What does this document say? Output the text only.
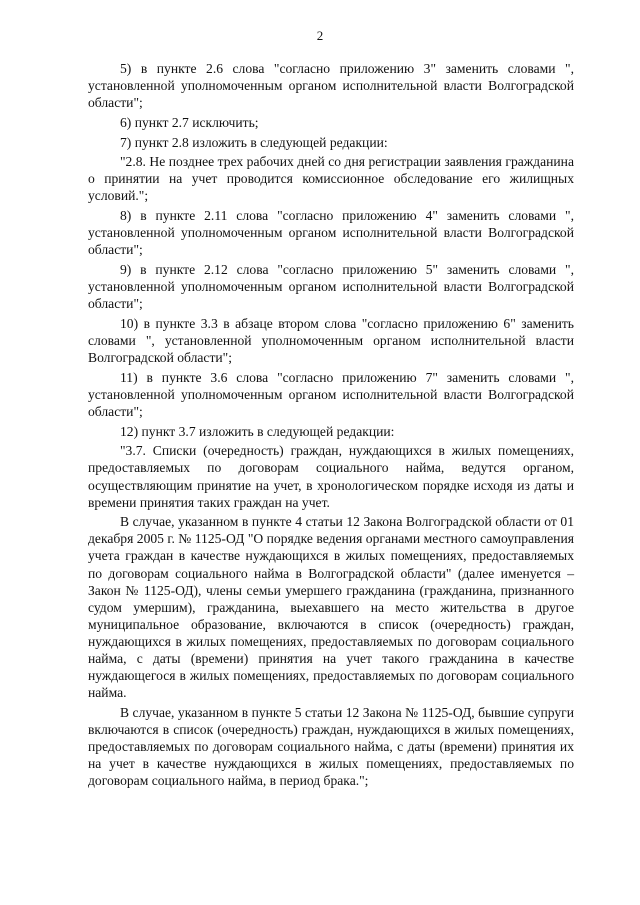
2

5) в пункте 2.6 слова "согласно приложению 3" заменить словами ", установленной уполномоченным органом исполнительной власти Волгоградской области";

6) пункт 2.7 исключить;

7) пункт 2.8 изложить в следующей редакции:

"2.8. Не позднее трех рабочих дней со дня регистрации заявления гражданина о принятии на учет проводится комиссионное обследование его жилищных условий.";

8) в пункте 2.11 слова "согласно приложению 4" заменить словами ", установленной уполномоченным органом исполнительной власти Волгоградской области";

9) в пункте 2.12 слова "согласно приложению 5" заменить словами ", установленной уполномоченным органом исполнительной власти Волгоградской области";

10) в пункте 3.3 в абзаце втором слова "согласно приложению 6" заменить словами ", установленной уполномоченным органом исполнительной власти Волгоградской области";

11) в пункте 3.6 слова "согласно приложению 7" заменить словами ", установленной уполномоченным органом исполнительной власти Волгоградской области";

12) пункт 3.7 изложить в следующей редакции:

"3.7. Списки (очередность) граждан, нуждающихся в жилых помещениях, предоставляемых по договорам социального найма, ведутся органом, осуществляющим принятие на учет, в хронологическом порядке исходя из даты и времени принятия таких граждан на учет.

В случае, указанном в пункте 4 статьи 12 Закона Волгоградской области от 01 декабря 2005 г. № 1125-ОД "О порядке ведения органами местного самоуправления учета граждан в качестве нуждающихся в жилых помещениях, предоставляемых по договорам социального найма в Волгоградской области" (далее именуется – Закон № 1125-ОД), члены семьи умершего гражданина (гражданина, признанного судом умершим), гражданина, выехавшего на место жительства в другое муниципальное образование, включаются в список (очередность) граждан, нуждающихся в жилых помещениях, предоставляемых по договорам социального найма, с даты (времени) принятия на учет такого гражданина в качестве нуждающегося в жилых помещениях, предоставляемых по договорам социального найма.

В случае, указанном в пункте 5 статьи 12 Закона № 1125-ОД, бывшие супруги включаются в список (очередность) граждан, нуждающихся в жилых помещениях, предоставляемых по договорам социального найма, с даты (времени) принятия их на учет в качестве нуждающихся в жилых помещениях, предоставляемых по договорам социального найма, в период брака.";
